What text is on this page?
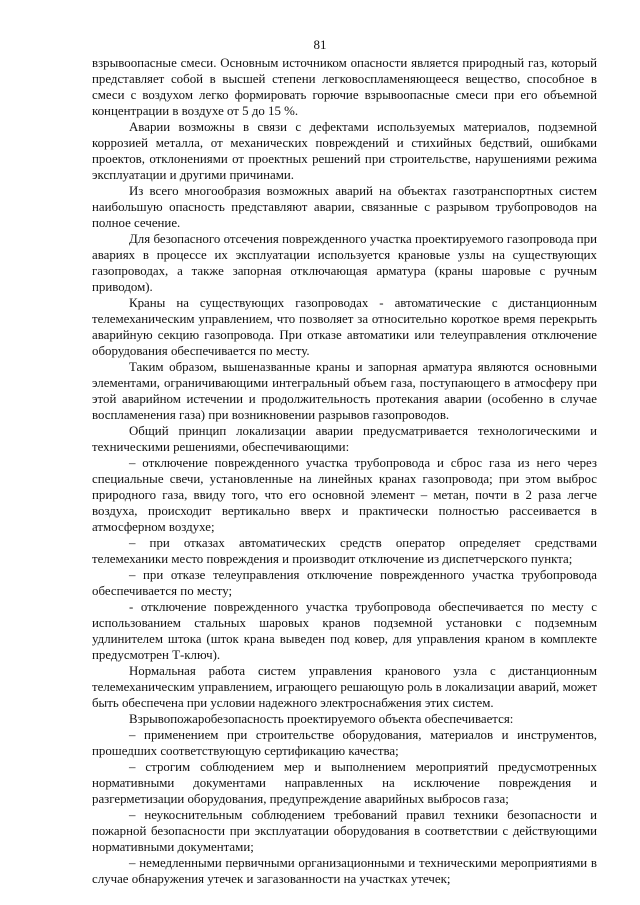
81

взрывоопасные смеси. Основным источником опасности является природный газ, который представляет собой в высшей степени легковоспламеняющееся вещество, способное в смеси с воздухом легко формировать горючие взрывоопасные смеси при его объемной концентрации в воздухе от 5 до 15 %.

Аварии возможны в связи с дефектами используемых материалов, подземной коррозией металла, от механических повреждений и стихийных бедствий, ошибками проектов, отклонениями от проектных решений при строительстве, нарушениями режима эксплуатации и другими причинами.

Из всего многообразия возможных аварий на объектах газотранспортных систем наибольшую опасность представляют аварии, связанные с разрывом трубопроводов на полное сечение.

Для безопасного отсечения поврежденного участка проектируемого газопровода при авариях в процессе их эксплуатации используется крановые узлы на существующих газопроводах, а также запорная отключающая арматура (краны шаровые с ручным приводом).

Краны на существующих газопроводах - автоматические с дистанционным телемеханическим управлением, что позволяет за относительно короткое время перекрыть аварийную секцию газопровода. При отказе автоматики или телеуправления отключение оборудования обеспечивается по месту.

Таким образом, вышеназванные краны и запорная арматура являются основными элементами, ограничивающими интегральный объем газа, поступающего в атмосферу при этой аварийном истечении и продолжительность протекания аварии (особенно в случае воспламенения газа) при возникновении разрывов газопроводов.

Общий принцип локализации аварии предусматривается технологическими и техническими решениями, обеспечивающими:

– отключение поврежденного участка трубопровода и сброс газа из него через специальные свечи, установленные на линейных кранах газопровода; при этом выброс природного газа, ввиду того, что его основной элемент – метан, почти в 2 раза легче воздуха, происходит вертикально вверх и практически полностью рассеивается в атмосферном воздухе;

– при отказах автоматических средств оператор определяет средствами телемеханики место повреждения и производит отключение из диспетчерского пункта;

– при отказе телеуправления отключение поврежденного участка трубопровода обеспечивается по месту;

- отключение поврежденного участка трубопровода обеспечивается по месту с использованием стальных шаровых кранов подземной установки с подземным удлинителем штока (шток крана выведен под ковер, для управления краном в комплекте предусмотрен Т-ключ).

Нормальная работа систем управления кранового узла с дистанционным телемеханическим управлением, играющего решающую роль в локализации аварий, может быть обеспечена при условии надежного электроснабжения этих систем.

Взрывопожаробезопасность проектируемого объекта обеспечивается:

– применением при строительстве оборудования, материалов и инструментов, прошедших соответствующую сертификацию качества;

– строгим соблюдением мер и выполнением мероприятий предусмотренных нормативными документами направленных на исключение повреждения и разгерметизации оборудования, предупреждение аварийных выбросов газа;

– неукоснительным соблюдением требований правил техники безопасности и пожарной безопасности при эксплуатации оборудования в соответствии с действующими нормативными документами;

– немедленными первичными организационными и техническими мероприятиями в случае обнаружения утечек и загазованности на участках утечек;
